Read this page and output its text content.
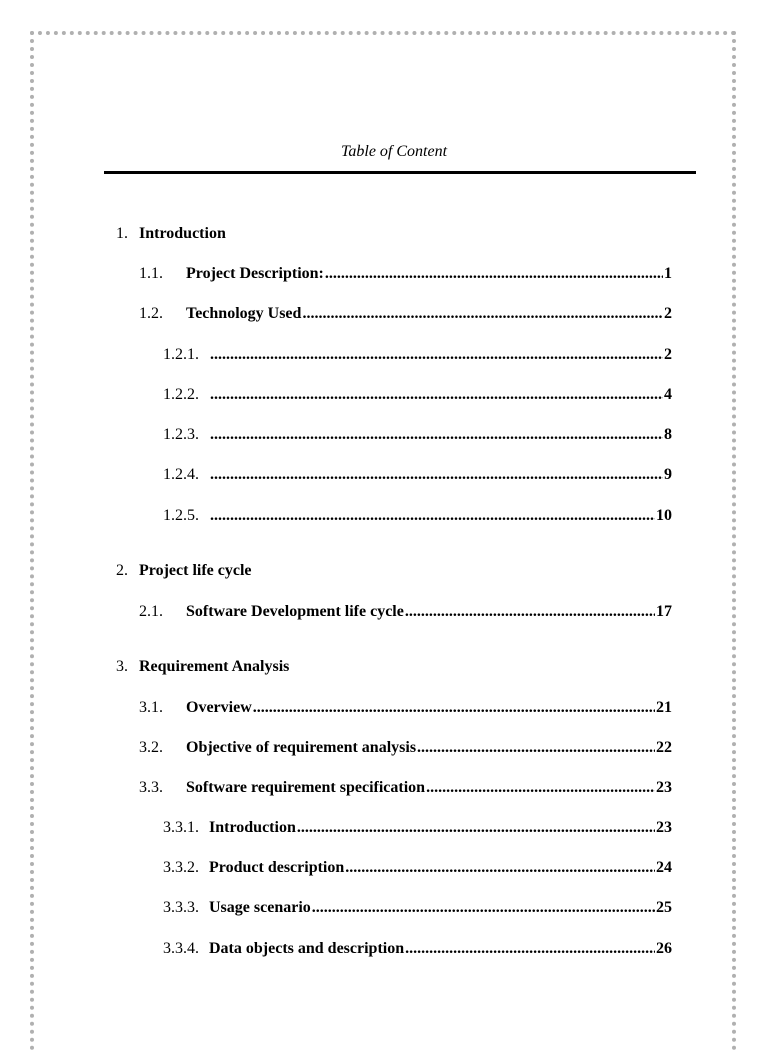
Table of Content
1. Introduction
1.1.	Project Description: .....	1
1.2.	Technology Used .....	2
1.2.1. .....	2
1.2.2. .....	4
1.2.3. .....	8
1.2.4. .....	9
1.2.5. .....	10
2. Project life cycle
2.1.	Software Development life cycle .....	17
3. Requirement Analysis
3.1.	Overview .....	21
3.2.	Objective of requirement analysis .....	22
3.3.	Software requirement specification .....	23
3.3.1. Introduction .....	23
3.3.2. Product description .....	24
3.3.3. Usage scenario .....	25
3.3.4. Data objects and description .....	26
